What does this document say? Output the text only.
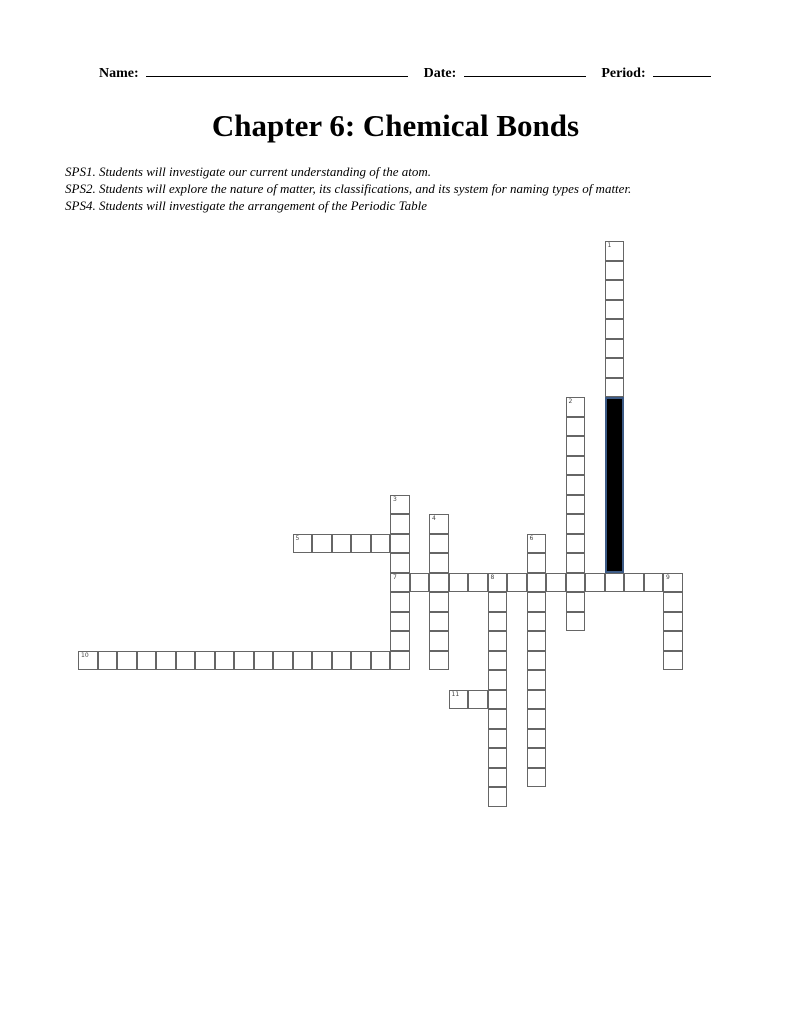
Name:	Date:	Period:
Chapter 6: Chemical Bonds
SPS1. Students will investigate our current understanding of the atom.
SPS2. Students will explore the nature of matter, its classifications, and its system for naming types of matter.
SPS4. Students will investigate the arrangement of the Periodic Table
1
2
3
7
4
5	6
8	9
10
11
